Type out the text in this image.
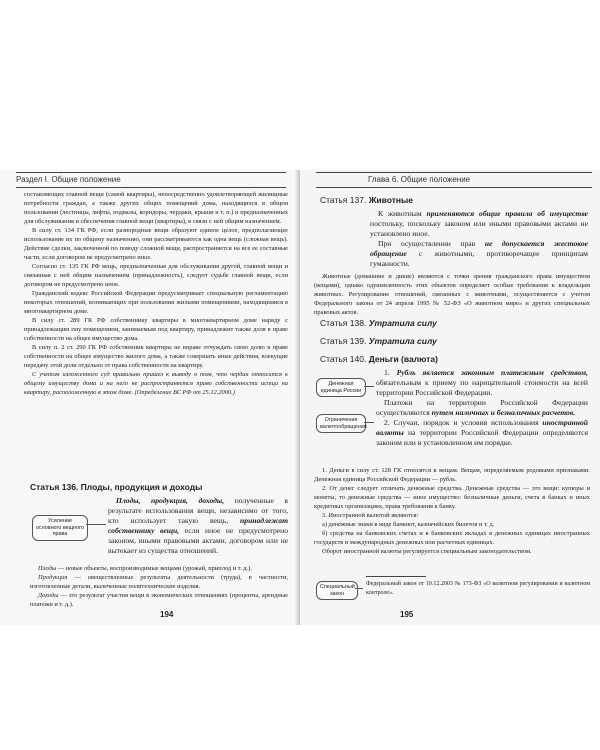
Раздел I. Общие положение

составляющих главной вещи (самой квартиры), непосредственно удовлетворяющей жилищные потребности граждан, а также других общих помещений дома, находящихся в общем пользовании (лестницы, лифты, подвалы, коридоры, чердаки, крыши и т. п.) и предназначенных для обслуживания и обеспечения главной вещи (квартиры), в связи с ней общим назначением.

В силу ст. 134 ГК РФ, если разнородные вещи образуют единое целое, предполагающее использование их по общему назначению, они рассматриваются как одна вещь (сложная вещь). Действие сделки, заключенной по поводу сложной вещи, распространяется на все ее составные части, если договором не предусмотрено иное.

Согласно ст. 135 ГК РФ вещь, предназначенная для обслуживания другой, главной вещи и связанная с ней общим назначением (принадлежность), следует судьбе главной вещи, если договором не предусмотрено иное.

Гражданский кодекс Российской Федерации предусматривает специальную регламентацию некоторых отношений, возникающих при пользовании жилыми помещениями, находящимися в многоквартирном доме.

В силу ст. 289 ГК РФ собственнику квартиры в многоквартирном доме наряду с принадлежащим ему помещением, занимаемым под квартиру, принадлежит также доля в праве собственности на общее имущество дома.

В силу п. 2 ст. 290 ГК РФ собственник квартиры не вправе отчуждать свою долю в праве собственности на общее имущество жилого дома, а также совершать иные действия, влекущие передачу этой доли отдельно от права собственности на квартиру.

С учетом изложенного суд правильно пришел к выводу о том, что чердак относится к общему имуществу дома и на него не распространяется право собственности истца на квартиру, расположенную в этом доме. (Определение ВС РФ от 25.12.2000.)

Статья 136. Плоды, продукция и доходы
Усиление основного вещного права

Плоды, продукция, доходы, полученные в результате использования вещи, независимо от того, кто использует такую вещь, принадлежат собственнику вещи, если иное не предусмотрено законом, иными правовыми актами, договором или не вытекает из существа отношений.

Плоды — новые объекты, воспроизводимые вещами (урожай, приплод и т. д.).

Продукция — овеществленные результаты деятельности (труда), в частности, изготовленные детали, вылеченные политехнические изделия.

Доходы — это результат участия вещи в экономических отношениях (проценты, арендные платежи и т. д.).

194
Глава 6. Общие положение
Статья 137. Животные

К животным применяются общие правила об имуществе постольку, поскольку законом или иными правовыми актами не установлено иное.

При осуществлении прав не допускается жестокое обращение с животными, противоречащее принципам гуманности.

Животные (домашние и дикие) являются с точки зрения гражданского права имуществом (вещами), однако одушевленность этих объектов определяет особые требования к владельцам животных. Регулирование отношений, связанных с животными, осуществляется с учетом Федерального закона от 24 апреля 1995 № 52-ФЗ «О животном мире» и других специальных правовых актов.

Статья 138. Утратила силу
Статья 139. Утратила силу
Статья 140. Деньги (валюта)
Денежная единица России
Ограничения валютообращения

1. Рубль является законным платежным средством, обязательным к приему по нарицательной стоимости на всей территории Российской Федерации.

Платежи на территории Российской Федерации осуществляются путем наличных и безналичных расчетов.

2. Случаи, порядок и условия использования иностранной валюты на территории Российской Федерации определяются законом или в установленном им порядке.

1. Деньги в силу ст. 128 ГК относятся к вещам. Вещам, определяемым родовыми признаками. Денежная единица Российской Федерации — рубль.

2. От денег следует отличать денежные средства. Денежные средства — это вещи: купюры и монеты, то денежные средства — иное имущество: безналичные деньги, счета в банках и иных кредитных организациях, права требования к банку.

3. Иностранной валютой являются:

а) денежные знаки в виде банкнот, казначейских билетов и т. д.

б) средства на банковских счетах и в банковских вкладах в денежных единицах иностранных государств и международных денежных или расчетных единицах.

Оборот иностранной валюты регулируется специальным законодательством.

Специальный закон

Федеральный закон от 10.12.2003 № 173-ФЗ «О валютном регулировании и валютном контроле».

195
